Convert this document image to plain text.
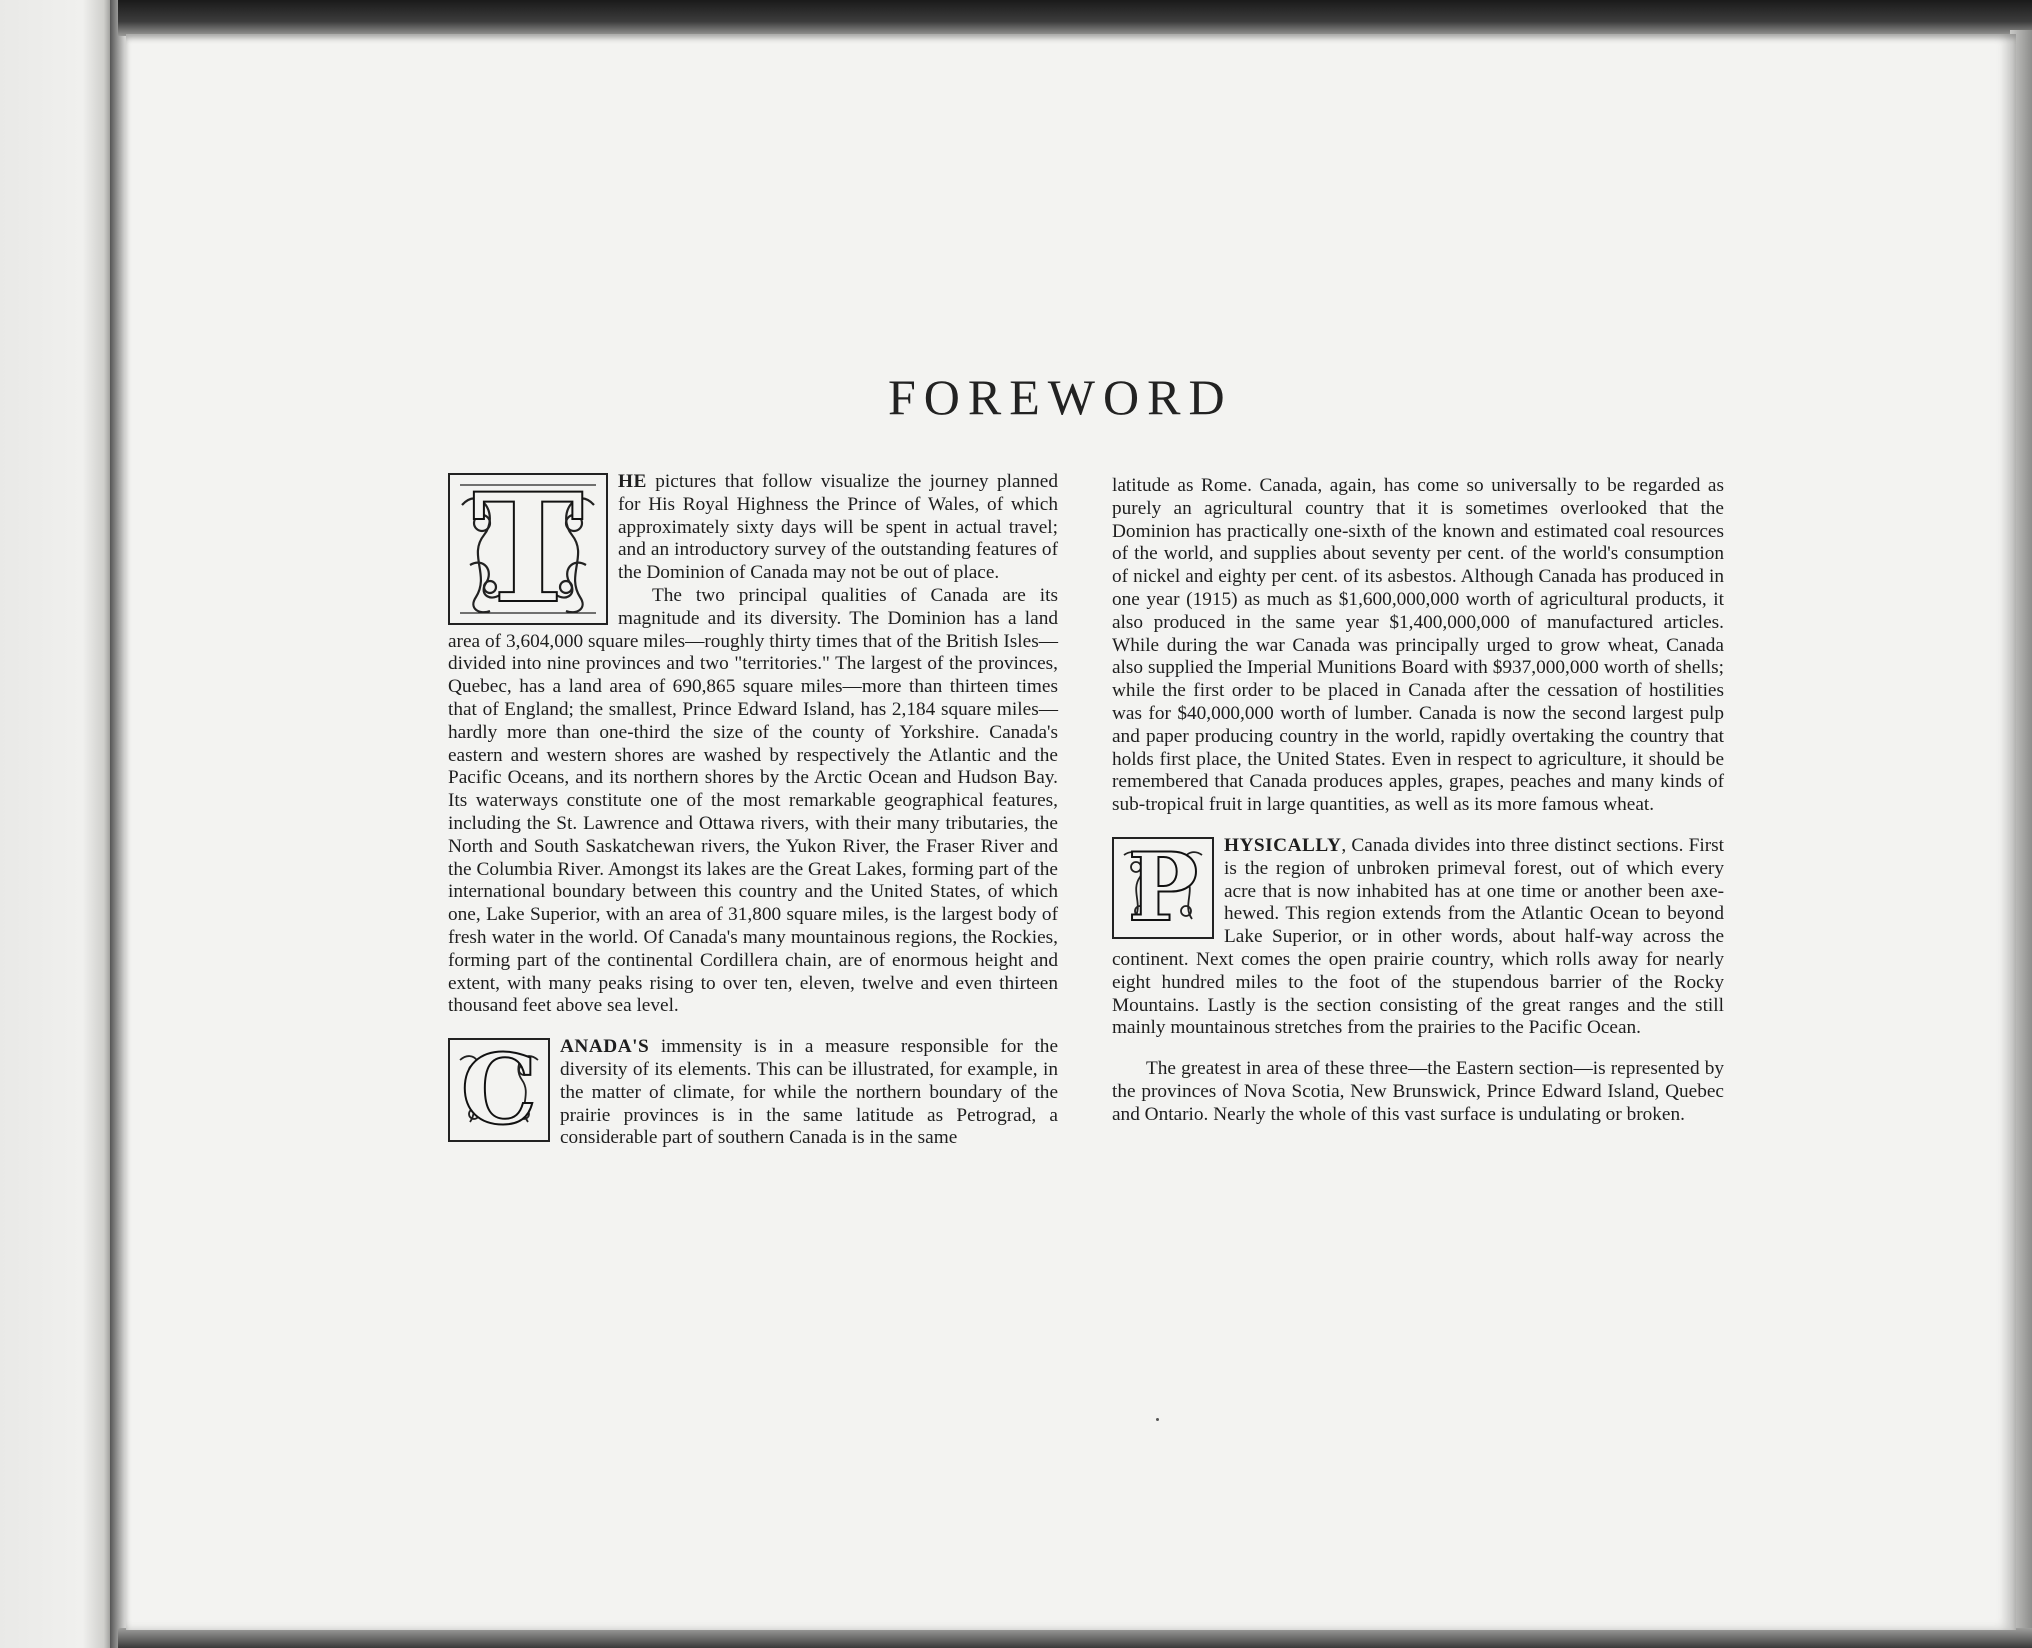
FOREWORD

T HE pictures that follow visualize the journey planned for His Royal Highness the Prince of Wales, of which approximately sixty days will be spent in actual travel; and an introductory survey of the outstanding features of the Dominion of Canada may not be out of place.

The two principal qualities of Canada are its magnitude and its diversity. The Dominion has a land area of 3,604,000 square miles—roughly thirty times that of the British Isles—divided into nine provinces and two "territories." The largest of the provinces, Quebec, has a land area of 690,865 square miles—more than thirteen times that of England; the smallest, Prince Edward Island, has 2,184 square miles—hardly more than one-third the size of the county of Yorkshire. Canada's eastern and western shores are washed by respectively the Atlantic and the Pacific Oceans, and its northern shores by the Arctic Ocean and Hudson Bay. Its waterways constitute one of the most remarkable geographical features, including the St. Lawrence and Ottawa rivers, with their many tributaries, the North and South Saskatchewan rivers, the Yukon River, the Fraser River and the Columbia River. Amongst its lakes are the Great Lakes, forming part of the international boundary between this country and the United States, of which one, Lake Superior, with an area of 31,800 square miles, is the largest body of fresh water in the world. Of Canada's many mountainous regions, the Rockies, forming part of the continental Cordillera chain, are of enormous height and extent, with many peaks rising to over ten, eleven, twelve and even thirteen thousand feet above sea level.

C ANADA'S immensity is in a measure responsible for the diversity of its elements. This can be illustrated, for example, in the matter of climate, for while the northern boundary of the prairie provinces is in the same latitude as Petrograd, a considerable part of southern Canada is in the same

latitude as Rome. Canada, again, has come so universally to be regarded as purely an agricultural country that it is sometimes overlooked that the Dominion has practically one-sixth of the known and estimated coal resources of the world, and supplies about seventy per cent. of the world's consumption of nickel and eighty per cent. of its asbestos. Although Canada has produced in one year (1915) as much as $1,600,000,000 worth of agricultural products, it also produced in the same year $1,400,000,000 of manufactured articles. While during the war Canada was principally urged to grow wheat, Canada also supplied the Imperial Munitions Board with $937,000,000 worth of shells; while the first order to be placed in Canada after the cessation of hostilities was for $40,000,000 worth of lumber. Canada is now the second largest pulp and paper producing country in the world, rapidly overtaking the country that holds first place, the United States. Even in respect to agriculture, it should be remembered that Canada produces apples, grapes, peaches and many kinds of sub-tropical fruit in large quantities, as well as its more famous wheat.

P HYSICALLY, Canada divides into three distinct sections. First is the region of unbroken primeval forest, out of which every acre that is now inhabited has at one time or another been axe-hewed. This region extends from the Atlantic Ocean to beyond Lake Superior, or in other words, about half-way across the continent. Next comes the open prairie country, which rolls away for nearly eight hundred miles to the foot of the stupendous barrier of the Rocky Mountains. Lastly is the section consisting of the great ranges and the still mainly mountainous stretches from the prairies to the Pacific Ocean.

The greatest in area of these three—the Eastern section—is represented by the provinces of Nova Scotia, New Brunswick, Prince Edward Island, Quebec and Ontario. Nearly the whole of this vast surface is undulating or broken.
